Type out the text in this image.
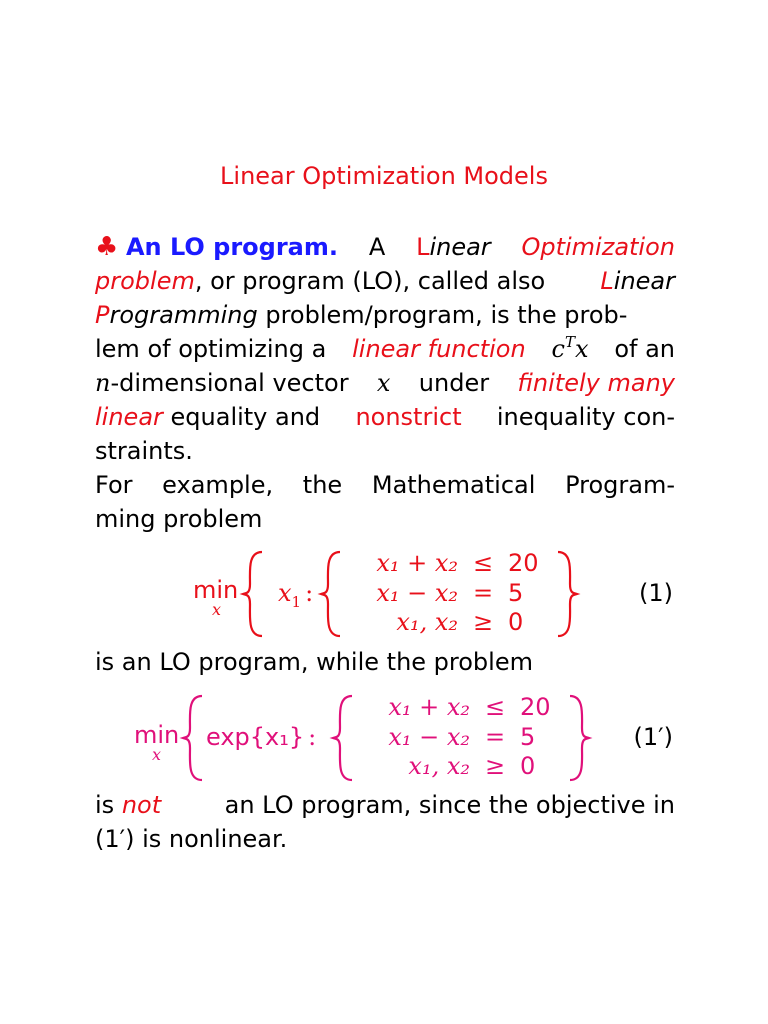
Linear Optimization Models
♣ An LO program. A Linear Optimization
problem, or program (LO), called also Linear
Programming problem/program, is the prob-
lem of optimizing a linear function $c^Tx$ of an
n-dimensional vector x under finitely many
linear equality and nonstrict inequality con-
straints.
For example, the Mathematical Program-
ming problem
min
x
$x_1$ :
x₁ + x₂ ≤ 20
x₁ − x₂ = 5
x₁, x₂ ≥ 0
(1)
is an LO program, while the problem
min
x
exp{x₁} :
x₁ + x₂ ≤ 20
x₁ − x₂ = 5
x₁, x₂ ≥ 0
(1′)
is not	an LO program, since the objective in
(1′) is nonlinear.
